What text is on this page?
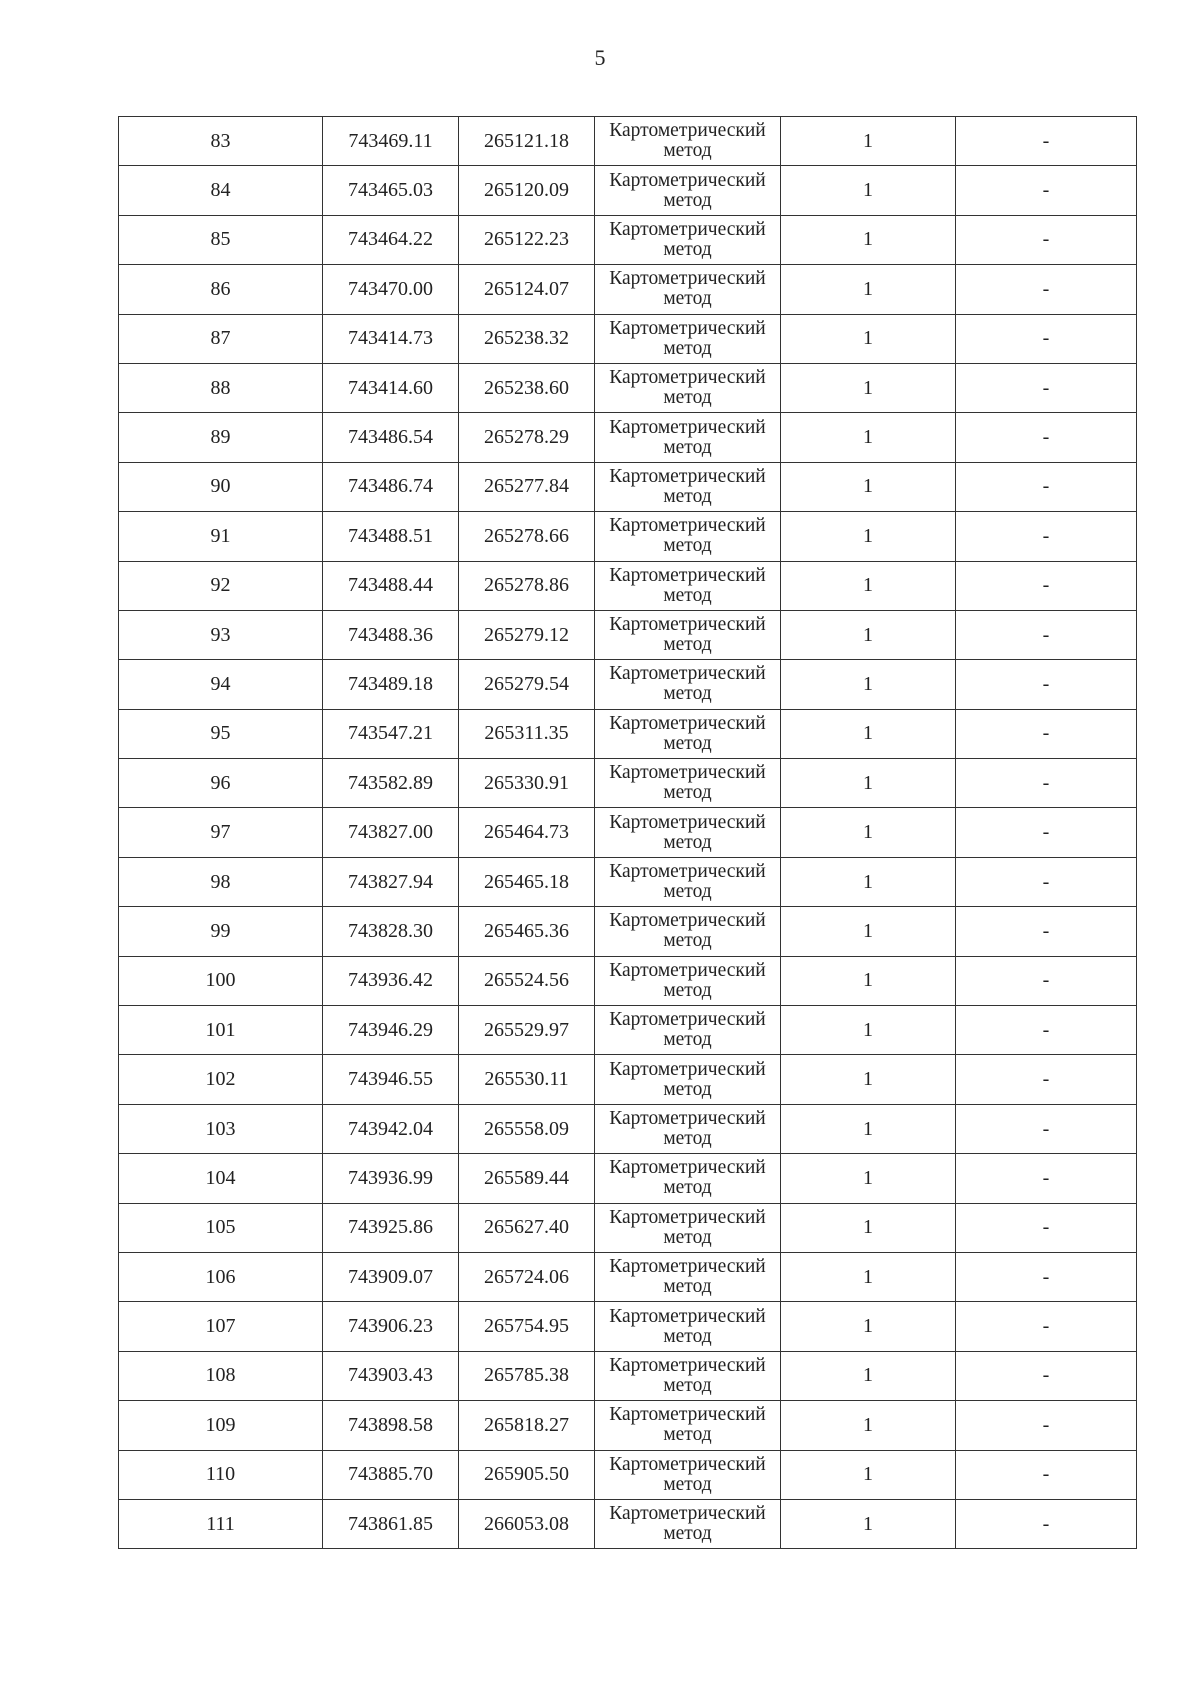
5
83	743469.11	265121.18	Картометрический
метод	1	-
84	743465.03	265120.09	Картометрический
метод	1	-
85	743464.22	265122.23	Картометрический
метод	1	-
86	743470.00	265124.07	Картометрический
метод	1	-
87	743414.73	265238.32	Картометрический
метод	1	-
88	743414.60	265238.60	Картометрический
метод	1	-
89	743486.54	265278.29	Картометрический
метод	1	-
90	743486.74	265277.84	Картометрический
метод	1	-
91	743488.51	265278.66	Картометрический
метод	1	-
92	743488.44	265278.86	Картометрический
метод	1	-
93	743488.36	265279.12	Картометрический
метод	1	-
94	743489.18	265279.54	Картометрический
метод	1	-
95	743547.21	265311.35	Картометрический
метод	1	-
96	743582.89	265330.91	Картометрический
метод	1	-
97	743827.00	265464.73	Картометрический
метод	1	-
98	743827.94	265465.18	Картометрический
метод	1	-
99	743828.30	265465.36	Картометрический
метод	1	-
100	743936.42	265524.56	Картометрический
метод	1	-
101	743946.29	265529.97	Картометрический
метод	1	-
102	743946.55	265530.11	Картометрический
метод	1	-
103	743942.04	265558.09	Картометрический
метод	1	-
104	743936.99	265589.44	Картометрический
метод	1	-
105	743925.86	265627.40	Картометрический
метод	1	-
106	743909.07	265724.06	Картометрический
метод	1	-
107	743906.23	265754.95	Картометрический
метод	1	-
108	743903.43	265785.38	Картометрический
метод	1	-
109	743898.58	265818.27	Картометрический
метод	1	-
110	743885.70	265905.50	Картометрический
метод	1	-
111	743861.85	266053.08	Картометрический
метод	1	-
